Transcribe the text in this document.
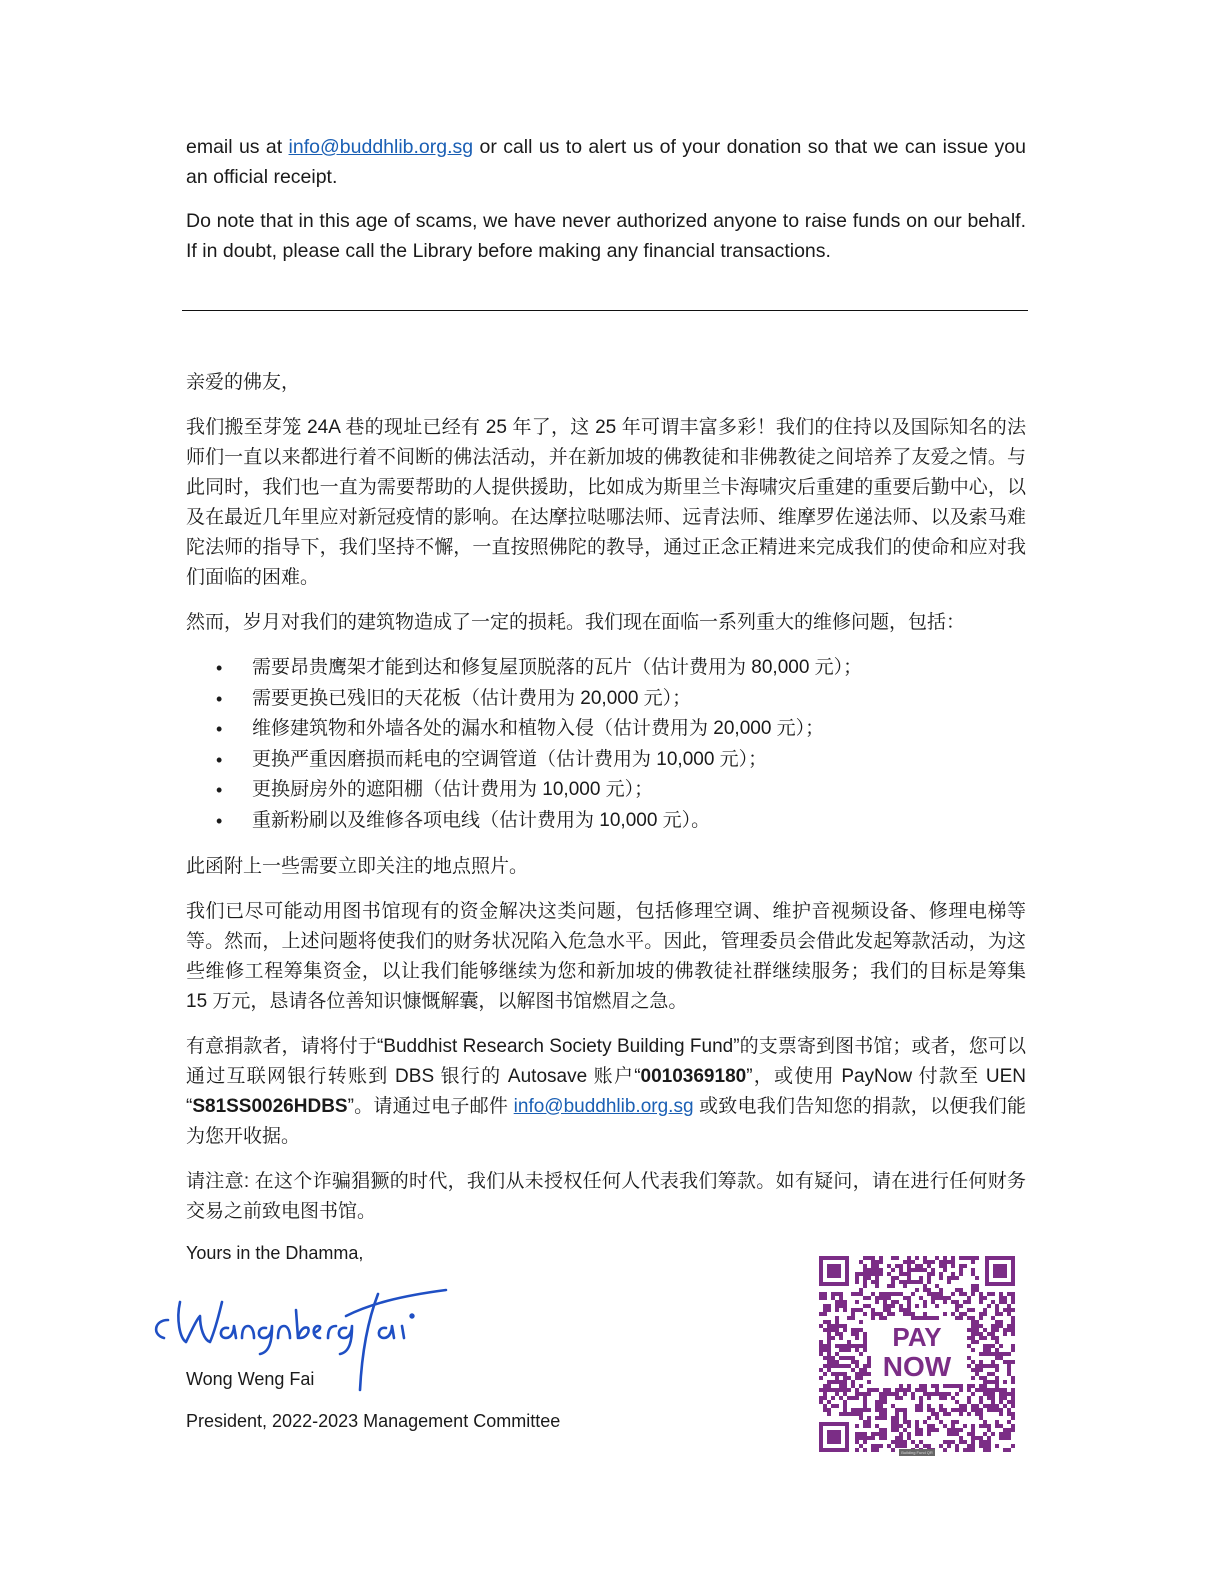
email us at info@buddhlib.org.sg or call us to alert us of your donation so that we can issue you an official receipt.

Do note that in this age of scams, we have never authorized anyone to raise funds on our behalf. If in doubt, please call the Library before making any financial transactions.

亲爱的佛友，

我们搬至芽笼 24A 巷的现址已经有 25 年了，这 25 年可谓丰富多彩！我们的住持以及国际知名的法师们一直以来都进行着不间断的佛法活动，并在新加坡的佛教徒和非佛教徒之间培养了友爱之情。与此同时，我们也一直为需要帮助的人提供援助，比如成为斯里兰卡海啸灾后重建的重要后勤中心，以及在最近几年里应对新冠疫情的影响。在达摩拉哒哪法师、远青法师、维摩罗佐递法师、以及索马难陀法师的指导下，我们坚持不懈，一直按照佛陀的教导，通过正念正精进来完成我们的使命和应对我们面临的困难。

然而，岁月对我们的建筑物造成了一定的损耗。我们现在面临一系列重大的维修问题，包括：

• 需要昂贵鹰架才能到达和修复屋顶脱落的瓦片（估计费用为 80,000 元）；
• 需要更换已残旧的天花板（估计费用为 20,000 元）；
• 维修建筑物和外墙各处的漏水和植物入侵（估计费用为 20,000 元）；
• 更换严重因磨损而耗电的空调管道（估计费用为 10,000 元）；
• 更换厨房外的遮阳棚（估计费用为 10,000 元）；
• 重新粉刷以及维修各项电线（估计费用为 10,000 元）。

此函附上一些需要立即关注的地点照片。

我们已尽可能动用图书馆现有的资金解决这类问题，包括修理空调、维护音视频设备、修理电梯等等。然而，上述问题将使我们的财务状况陷入危急水平。因此，管理委员会借此发起筹款活动，为这些维修工程筹集资金，以让我们能够继续为您和新加坡的佛教徒社群继续服务；我们的目标是筹集 15 万元，恳请各位善知识慷慨解囊，以解图书馆燃眉之急。

有意捐款者，请将付于“Buddhist Research Society Building Fund”的支票寄到图书馆；或者，您可以通过互联网银行转账到 DBS 银行的 Autosave 账户“0010369180”，或使用 PayNow 付款至 UEN “S81SS0026HDBS”。请通过电子邮件 info@buddhlib.org.sg 或致电我们告知您的捐款，以便我们能为您开收据。

请注意: 在这个诈骗猖獗的时代，我们从未授权任何人代表我们筹款。如有疑问，请在进行任何财务交易之前致电图书馆。

Yours in the Dhamma,
Wong Weng Fai
Wong Weng Fai
President, 2022-2023 Management Committee
PAY
NOW
Building Fund QR
